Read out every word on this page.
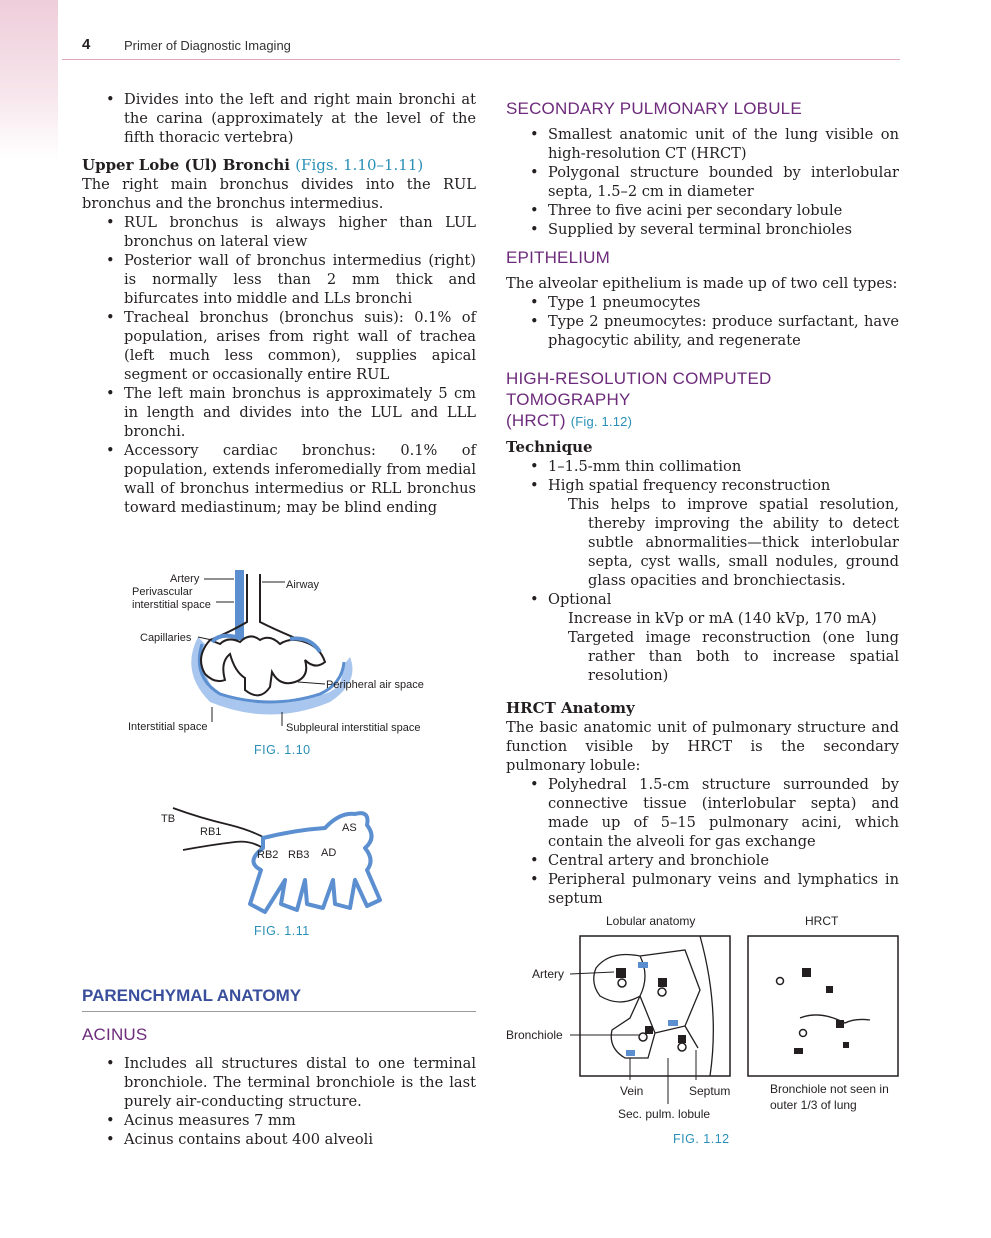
4	Primer of Diagnostic Imaging
• Divides into the left and right main bronchi at the carina (approximately at the level of the fifth thoracic vertebra)
Upper Lobe (Ul) Bronchi (Figs. 1.10–1.11)

The right main bronchus divides into the RUL bronchus and the bronchus intermedius.

• RUL bronchus is always higher than LUL bronchus on lateral view
• Posterior wall of bronchus intermedius (right) is normally less than 2 mm thick and bifurcates into middle and LLs bronchi
• Tracheal bronchus (bronchus suis): 0.1% of population, arises from right wall of trachea (left much less common), supplies apical segment or occasionally entire RUL
• The left main bronchus is approximately 5 cm in length and divides into the LUL and LLL bronchi.
• Accessory cardiac bronchus: 0.1% of population, extends inferomedially from medial wall of bronchus intermedius or RLL bronchus toward mediastinum; may be blind ending
Artery
Perivascular
interstitial space
Airway
Capillaries
Peripheral air space
Interstitial space	Subpleural interstitial space
FIG. 1.10
TB
RB1
RB2 RB3 AD
AS
FIG. 1.11
PARENCHYMAL ANATOMY
ACINUS
• Includes all structures distal to one terminal bronchiole. The terminal bronchiole is the last purely air-conducting structure.
• Acinus measures 7 mm
• Acinus contains about 400 alveoli
SECONDARY PULMONARY LOBULE
• Smallest anatomic unit of the lung visible on high-resolution CT (HRCT)
• Polygonal structure bounded by interlobular septa, 1.5–2 cm in diameter
• Three to five acini per secondary lobule
• Supplied by several terminal bronchioles
EPITHELIUM

The alveolar epithelium is made up of two cell types:

• Type 1 pneumocytes
• Type 2 pneumocytes: produce surfactant, have phagocytic ability, and regenerate
HIGH-RESOLUTION COMPUTED TOMOGRAPHY
(HRCT) (Fig. 1.12)
Technique
• 1–1.5-mm thin collimation
• High spatial frequency reconstruction

This helps to improve spatial resolution, thereby improving the ability to detect subtle abnormalities—thick interlobular septa, cyst walls, small nodules, ground glass opacities and bronchiectasis.

• Optional

Increase in kVp or mA (140 kVp, 170 mA)

Targeted image reconstruction (one lung rather than both to increase spatial resolution)

HRCT Anatomy

The basic anatomic unit of pulmonary structure and function visible by HRCT is the secondary pulmonary lobule:

• Polyhedral 1.5-cm structure surrounded by connective tissue (interlobular septa) and made up of 5–15 pulmonary acini, which contain the alveoli for gas exchange
• Central artery and bronchiole
• Peripheral pulmonary veins and lymphatics in septum
Lobular anatomy	HRCT
Artery
Bronchiole
Vein	Septum
Sec. pulm. lobule
Bronchiole not seen in
outer 1/3 of lung
FIG. 1.12
